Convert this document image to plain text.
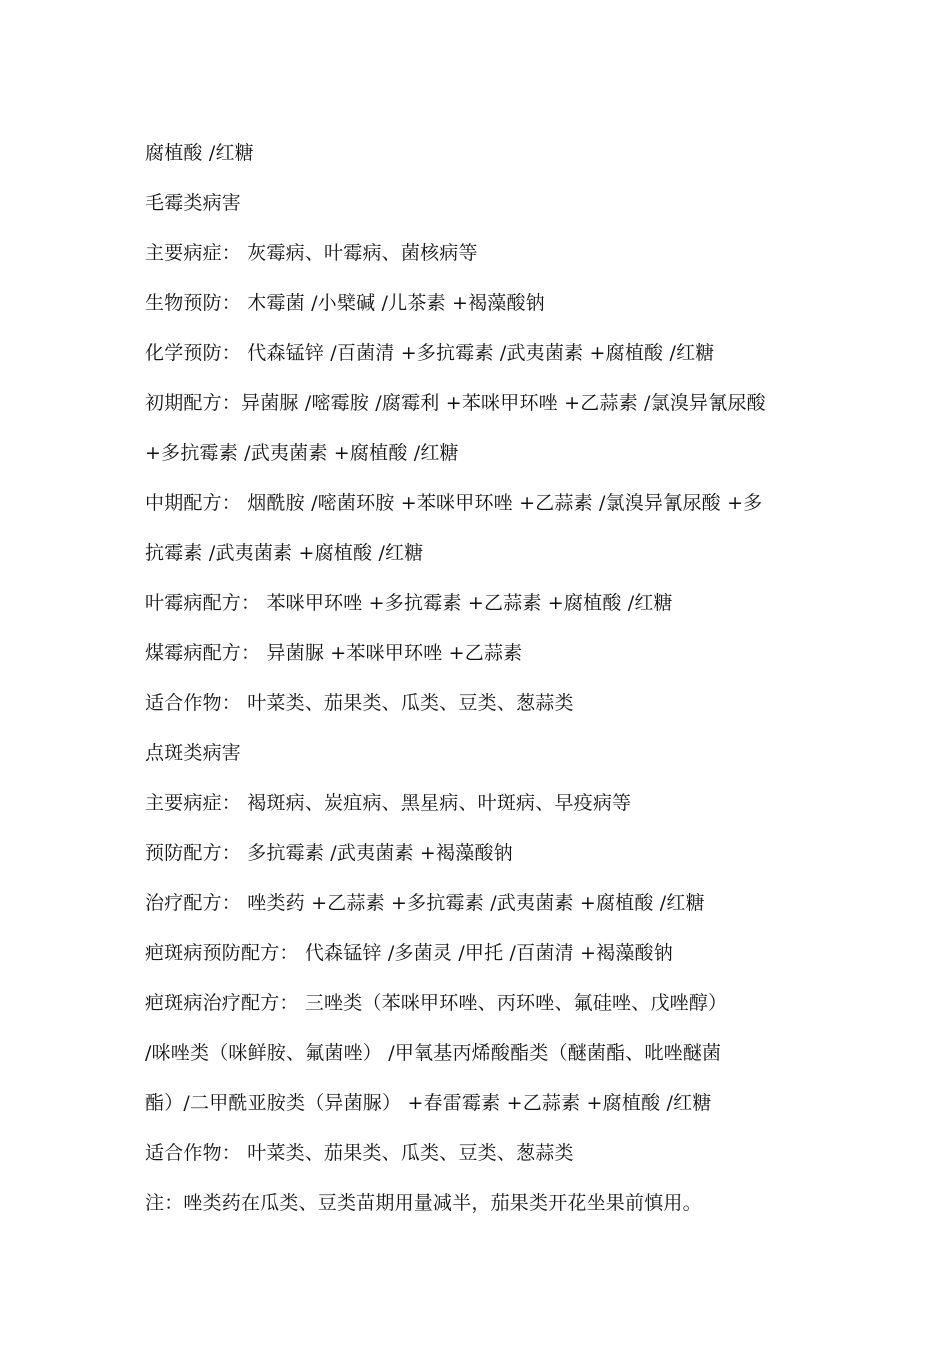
腐植酸 /红糖
毛霉类病害
主要病症： 灰霉病、叶霉病、菌核病等
生物预防： 木霉菌 /小檗碱 /儿茶素 +褐藻酸钠
化学预防： 代森锰锌 /百菌清 +多抗霉素 /武夷菌素 +腐植酸 /红糖
初期配方：异菌脲 /嘧霉胺 /腐霉利 +苯咪甲环唑 +乙蒜素 /氯溴异氰尿酸
+多抗霉素 /武夷菌素 +腐植酸 /红糖
中期配方： 烟酰胺 /嘧菌环胺 +苯咪甲环唑 +乙蒜素 /氯溴异氰尿酸 +多
抗霉素 /武夷菌素 +腐植酸 /红糖
叶霉病配方： 苯咪甲环唑 +多抗霉素 +乙蒜素 +腐植酸 /红糖
煤霉病配方： 异菌脲 +苯咪甲环唑 +乙蒜素
适合作物： 叶菜类、茄果类、瓜类、豆类、葱蒜类
点斑类病害
主要病症： 褐斑病、炭疽病、黑星病、叶斑病、早疫病等
预防配方： 多抗霉素 /武夷菌素 +褐藻酸钠
治疗配方： 唑类药 +乙蒜素 +多抗霉素 /武夷菌素 +腐植酸 /红糖
疤斑病预防配方： 代森锰锌 /多菌灵 /甲托 /百菌清 +褐藻酸钠
疤斑病治疗配方： 三唑类（苯咪甲环唑、丙环唑、氟硅唑、戊唑醇）
/咪唑类（咪鲜胺、氟菌唑） /甲氧基丙烯酸酯类（醚菌酯、吡唑醚菌
酯）/二甲酰亚胺类（异菌脲） +春雷霉素 +乙蒜素 +腐植酸 /红糖
适合作物： 叶菜类、茄果类、瓜类、豆类、葱蒜类
注：唑类药在瓜类、豆类苗期用量减半，茄果类开花坐果前慎用。
